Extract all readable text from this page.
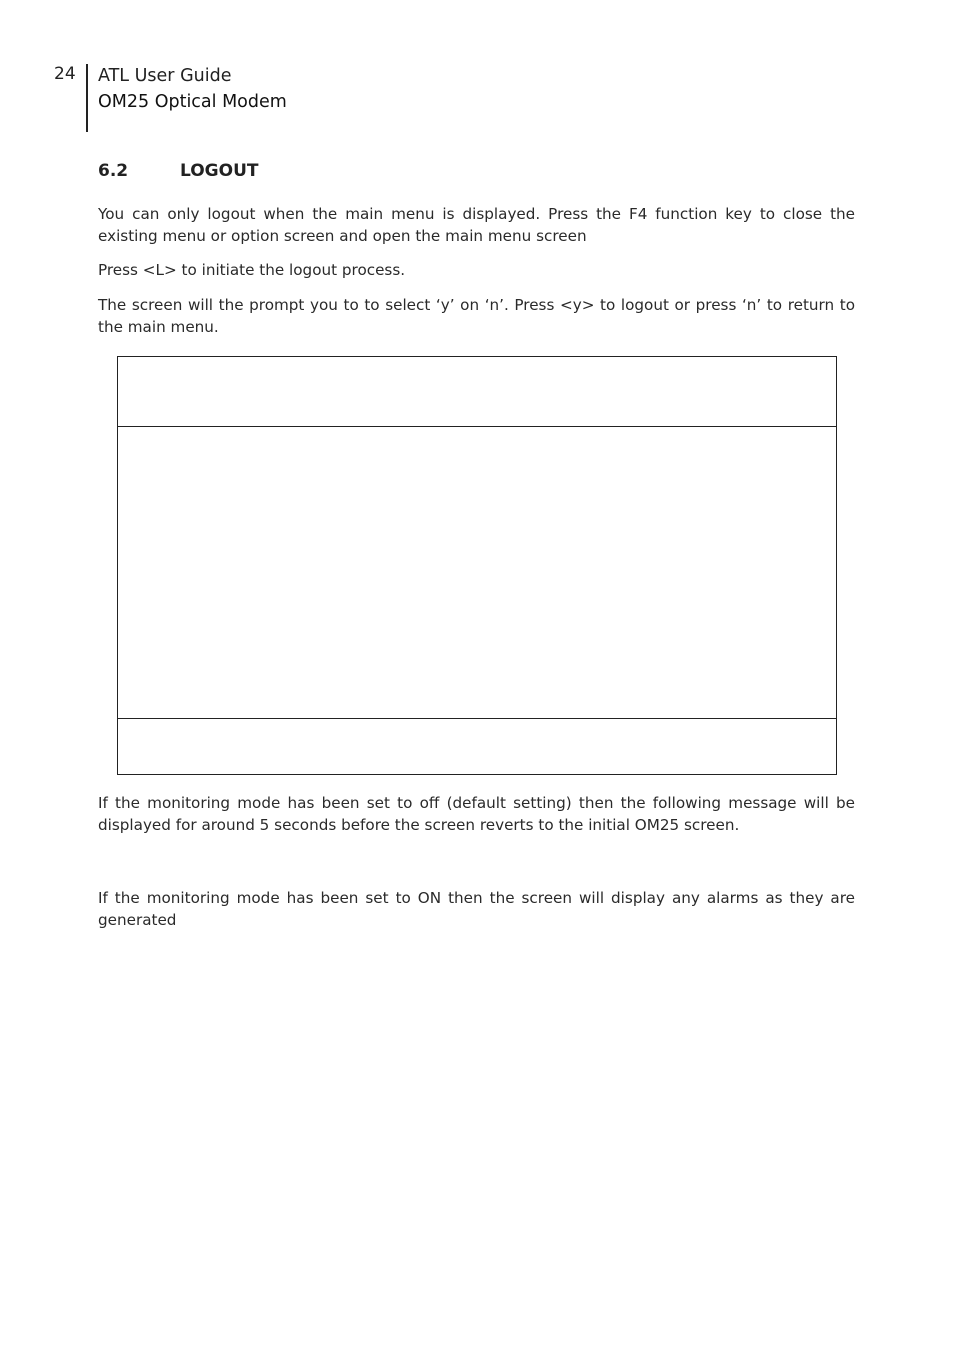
24 ATL User Guide
OM25 Optical Modem
6.2	LOGOUT

You can only logout when the main menu is displayed. Press the F4 function key to close the existing menu or option screen and open the main menu screen

Press <L> to initiate the logout process.

The screen will the prompt you to to select ‘y’ on ‘n’. Press <y> to logout or press ‘n’ to return to the main menu.

If the monitoring mode has been set to off (default setting) then the following message will be displayed for around 5 seconds before the screen reverts to the initial OM25 screen.

If the monitoring mode has been set to ON then the screen will display any alarms as they are generated
